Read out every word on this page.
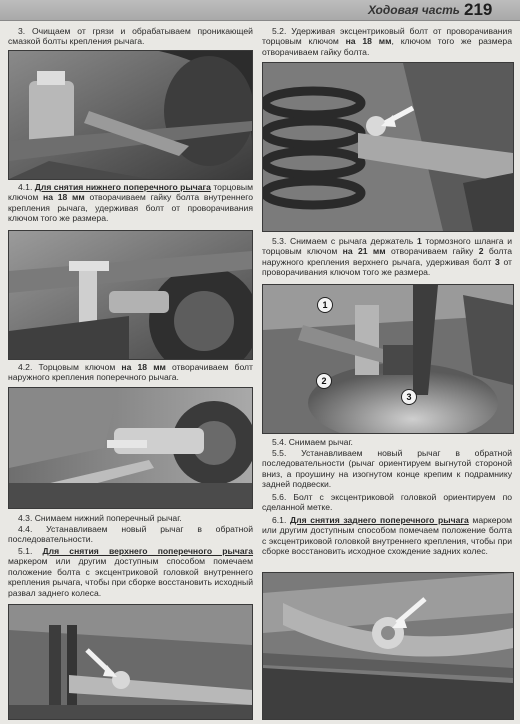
Ходовая часть 219
3. Очищаем от грязи и обрабатываем проникающей смазкой болты крепления рычага.
4.1. Для снятия нижнего поперечного рычага торцовым ключом на 18 мм отворачиваем гайку болта внутреннего крепления рычага, удерживая болт от проворачивания ключом того же размера.
4.2. Торцовым ключом на 18 мм отворачиваем болт наружного крепления поперечного рычага.
4.3. Снимаем нижний поперечный рычаг.
4.4. Устанавливаем новый рычаг в обратной последовательности.
5.1. Для снятия верхнего поперечного рычага маркером или другим доступным способом помечаем положение болта с эксцентриковой головкой внутреннего крепления рычага, чтобы при сборке восстановить исходный развал заднего колеса.
5.2. Удерживая эксцентриковый болт от проворачивания торцовым ключом на 18 мм, ключом того же размера отворачиваем гайку болта.
5.3. Снимаем с рычага держатель 1 тормозного шланга и торцовым ключом на 21 мм отворачиваем гайку 2 болта наружного крепления верхнего рычага, удерживая болт 3 от проворачивания ключом того же размера.
1
2
3
5.4. Снимаем рычаг.
5.5. Устанавливаем новый рычаг в обратной последовательности (рычаг ориентируем выгнутой стороной вниз, а проушину на изогнутом конце крепим к подрамнику задней подвески.
5.6. Болт с эксцентриковой головкой ориентируем по сделанной метке.
6.1. Для снятия заднего поперечного рычага маркером или другим доступным способом помечаем положение болта с эксцентриковой головкой внутреннего крепления, чтобы при сборке восстановить исходное схождение задних колес.
